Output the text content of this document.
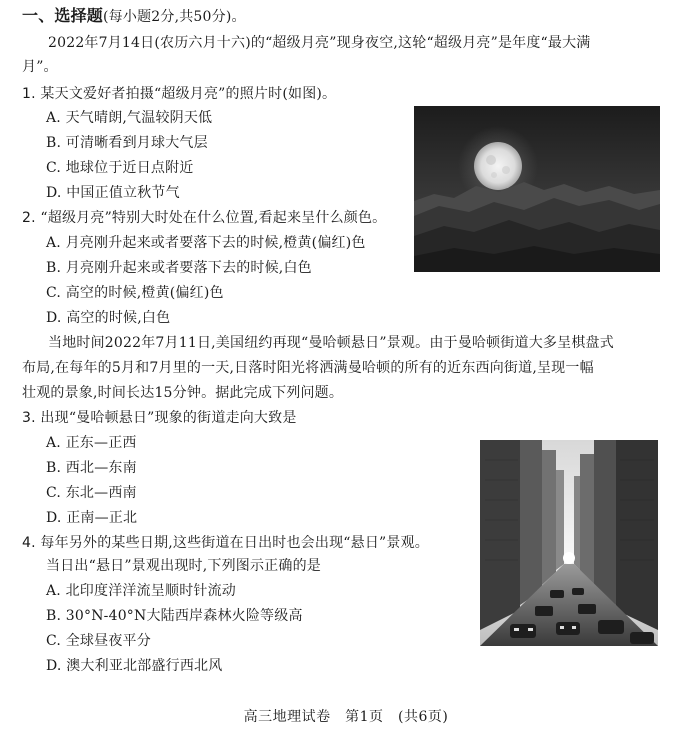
一、选择题(每小题2分,共50分)。
2022年7月14日(农历六月十六)的“超级月亮”现身夜空,这轮“超级月亮”是年度“最大满
月”。
1. 某天文爱好者拍摄“超级月亮”的照片时(如图)。
A. 天气晴朗,气温较阴天低
B. 可清晰看到月球大气层
C. 地球位于近日点附近
D. 中国正值立秋节气
2. “超级月亮”特别大时处在什么位置,看起来呈什么颜色。
A. 月亮刚升起来或者要落下去的时候,橙黄(偏红)色
B. 月亮刚升起来或者要落下去的时候,白色
C. 高空的时候,橙黄(偏红)色
D. 高空的时候,白色
当地时间2022年7月11日,美国纽约再现“曼哈顿悬日”景观。由于曼哈顿街道大多呈棋盘式
布局,在每年的5月和7月里的一天,日落时阳光将洒满曼哈顿的所有的近东西向街道,呈现一幅
壮观的景象,时间长达15分钟。据此完成下列问题。
3. 出现“曼哈顿悬日”现象的街道走向大致是
A. 正东—正西
B. 西北—东南
C. 东北—西南
D. 正南—正北
4. 每年另外的某些日期,这些街道在日出时也会出现“悬日”景观。
当日出“悬日”景观出现时,下列图示正确的是
A. 北印度洋洋流呈顺时针流动
B. 30°N-40°N大陆西岸森林火险等级高
C. 全球昼夜平分
D. 澳大利亚北部盛行西北风
高三地理试卷　第1页　(共6页)
